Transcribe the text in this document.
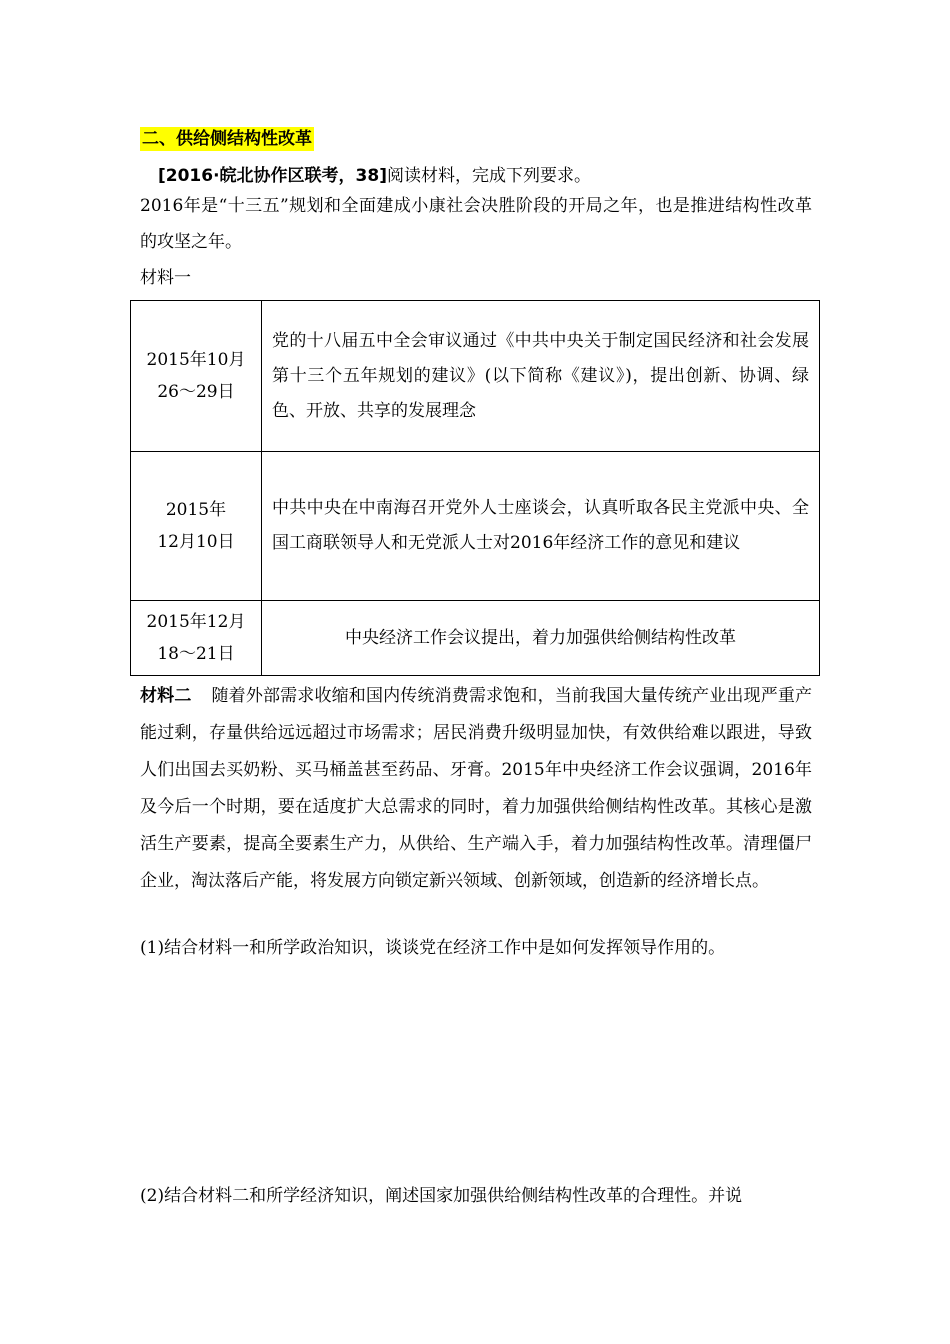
二、供给侧结构性改革
[2016·皖北协作区联考，38]阅读材料，完成下列要求。
2016年是“十三五”规划和全面建成小康社会决胜阶段的开局之年，也是推进结构性改革的攻坚之年。
材料一
2015年10月
26～29日	党的十八届五中全会审议通过《中共中央关于制定国民经济和社会发展第十三个五年规划的建议》(以下简称《建议》)，提出创新、协调、绿色、开放、共享的发展理念

2015年
12月10日	中共中央在中南海召开党外人士座谈会，认真听取各民主党派中央、全国工商联领导人和无党派人士对2016年经济工作的意见和建议

2015年12月
18～21日	中央经济工作会议提出，着力加强供给侧结构性改革
材料二 随着外部需求收缩和国内传统消费需求饱和，当前我国大量传统产业出现严重产能过剩，存量供给远远超过市场需求；居民消费升级明显加快，有效供给难以跟进，导致人们出国去买奶粉、买马桶盖甚至药品、牙膏。2015年中央经济工作会议强调，2016年及今后一个时期，要在适度扩大总需求的同时，着力加强供给侧结构性改革。其核心是激活生产要素，提高全要素生产力，从供给、生产端入手，着力加强结构性改革。清理僵尸企业，淘汰落后产能，将发展方向锁定新兴领域、创新领域，创造新的经济增长点。
(1)结合材料一和所学政治知识，谈谈党在经济工作中是如何发挥领导作用的。
(2)结合材料二和所学经济知识，阐述国家加强供给侧结构性改革的合理性。并说
